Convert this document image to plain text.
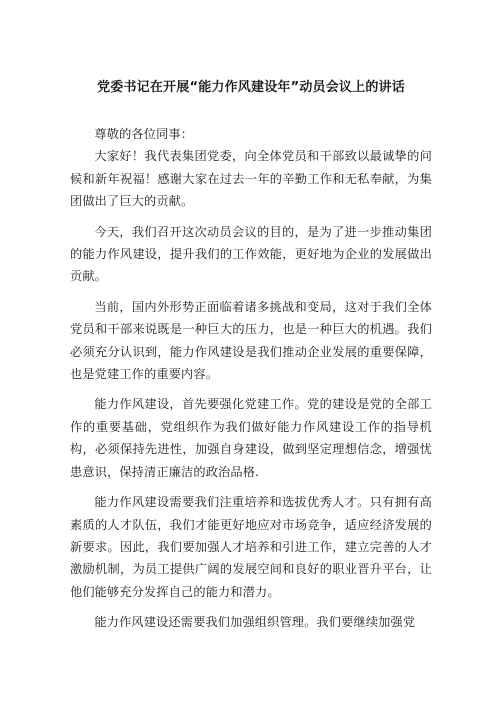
党委书记在开展“能力作风建设年”动员会议上的讲话

尊敬的各位同事：

大家好！我代表集团党委，向全体党员和干部致以最诚挚的问候和新年祝福！感谢大家在过去一年的辛勤工作和无私奉献，为集团做出了巨大的贡献。

今天，我们召开这次动员会议的目的，是为了进一步推动集团的能力作风建设，提升我们的工作效能，更好地为企业的发展做出贡献。

当前，国内外形势正面临着诸多挑战和变局，这对于我们全体党员和干部来说既是一种巨大的压力，也是一种巨大的机遇。我们必须充分认识到，能力作风建设是我们推动企业发展的重要保障，也是党建工作的重要内容。

能力作风建设，首先要强化党建工作。党的建设是党的全部工作的重要基础，党组织作为我们做好能力作风建设工作的指导机构，必须保持先进性，加强自身建设，做到坚定理想信念，增强忧患意识，保持清正廉洁的政治品格.

能力作风建设需要我们注重培养和选拔优秀人才。只有拥有高素质的人才队伍，我们才能更好地应对市场竞争，适应经济发展的新要求。因此，我们要加强人才培养和引进工作，建立完善的人才激励机制，为员工提供广阔的发展空间和良好的职业晋升平台，让他们能够充分发挥自己的能力和潜力。

能力作风建设还需要我们加强组织管理。我们要继续加强党
